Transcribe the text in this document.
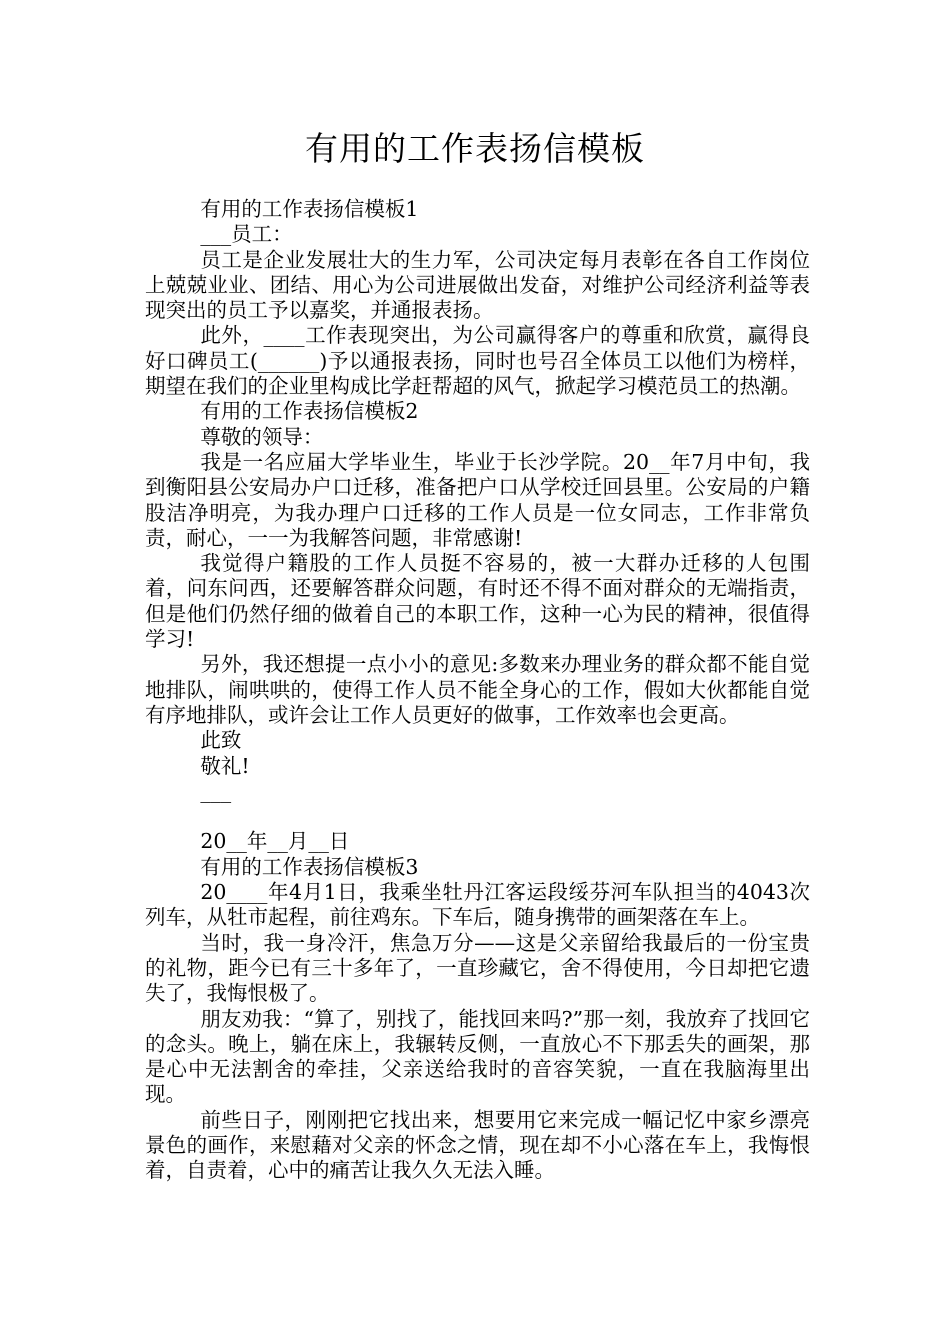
有用的工作表扬信模板

有用的工作表扬信模板1

___员工：

员工是企业发展壮大的生力军，公司决定每月表彰在各自工作岗位上兢兢业业、团结、用心为公司进展做出发奋，对维护公司经济利益等表现突出的员工予以嘉奖，并通报表扬。

此外，____工作表现突出，为公司赢得客户的尊重和欣赏，赢得良好口碑员工(______)予以通报表扬，同时也号召全体员工以他们为榜样，期望在我们的企业里构成比学赶帮超的风气，掀起学习模范员工的热潮。

有用的工作表扬信模板2

尊敬的领导：

我是一名应届大学毕业生，毕业于长沙学院。20__年7月中旬，我到衡阳县公安局办户口迁移，准备把户口从学校迁回县里。公安局的户籍股洁净明亮，为我办理户口迁移的工作人员是一位女同志，工作非常负责，耐心，一一为我解答问题，非常感谢!

我觉得户籍股的工作人员挺不容易的，被一大群办迁移的人包围着，问东问西，还要解答群众问题，有时还不得不面对群众的无端指责，但是他们仍然仔细的做着自己的本职工作，这种一心为民的精神，很值得学习!

另外，我还想提一点小小的意见:多数来办理业务的群众都不能自觉地排队，闹哄哄的，使得工作人员不能全身心的工作，假如大伙都能自觉有序地排队，或许会让工作人员更好的做事，工作效率也会更高。

此致

敬礼!

___

20__年__月__日

有用的工作表扬信模板3

20____年4月1日，我乘坐牡丹江客运段绥芬河车队担当的4043次列车，从牡市起程，前往鸡东。下车后，随身携带的画架落在车上。

当时，我一身冷汗，焦急万分——这是父亲留给我最后的一份宝贵的礼物，距今已有三十多年了，一直珍藏它，舍不得使用，今日却把它遗失了，我悔恨极了。

朋友劝我：“算了，别找了，能找回来吗?”那一刻，我放弃了找回它的念头。晚上，躺在床上，我辗转反侧，一直放心不下那丢失的画架，那是心中无法割舍的牵挂，父亲送给我时的音容笑貌，一直在我脑海里出现。

前些日子，刚刚把它找出来，想要用它来完成一幅记忆中家乡漂亮景色的画作，来慰藉对父亲的怀念之情，现在却不小心落在车上，我悔恨着，自责着，心中的痛苦让我久久无法入睡。
